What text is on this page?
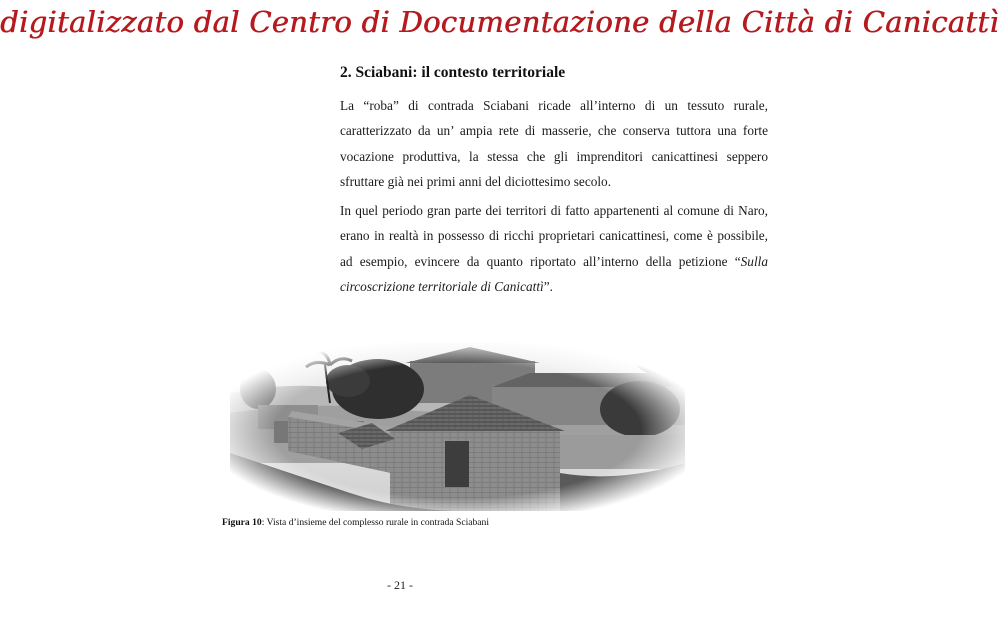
digitalizzato dal Centro di Documentazione della Città di Canicattì
2. Sciabani: il contesto territoriale

La “roba” di contrada Sciabani ricade all’interno di un tessuto rurale, caratterizzato da un’ ampia rete di masserie, che conserva tuttora una forte vocazione produttiva, la stessa che gli imprenditori canicattinesi seppero sfruttare già nei primi anni del diciottesimo secolo.

In quel periodo gran parte dei territori di fatto appartenenti al comune di Naro, erano in realtà in possesso di ricchi proprietari canicattinesi, come è possibile, ad esempio, evincere da quanto riportato all’interno della petizione “Sulla circoscrizione territoriale di Canicattì”.

Figura 10: Vista d’insieme del complesso rurale in contrada Sciabani
- 21 -
